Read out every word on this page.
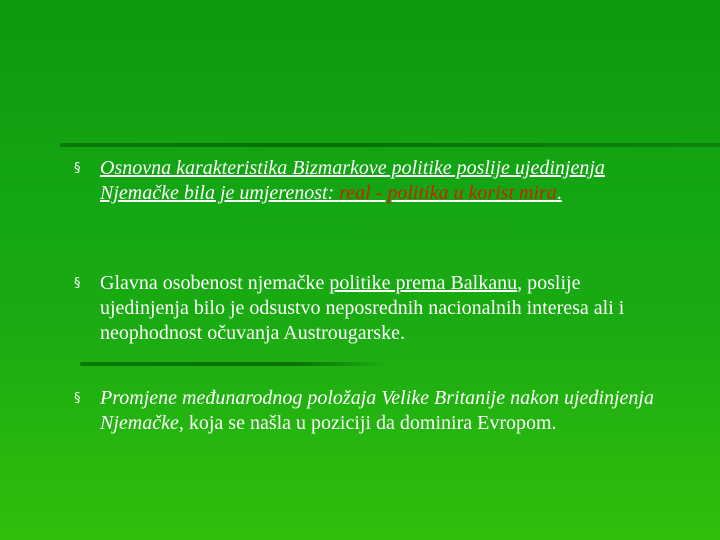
§ Osnovna karakteristika Bizmarkove politike poslije ujedinjenja Njemačke bila je umjerenost: real - politika u korist mira.
§ Glavna osobenost njemačke politike prema Balkanu, poslije ujedinjenja bilo je odsustvo neposrednih nacionalnih interesa ali i neophodnost očuvanja Austrougarske.
§ Promjene međunarodnog položaja Velike Britanije nakon ujedinjenja Njemačke, koja se našla u poziciji da dominira Evropom.
